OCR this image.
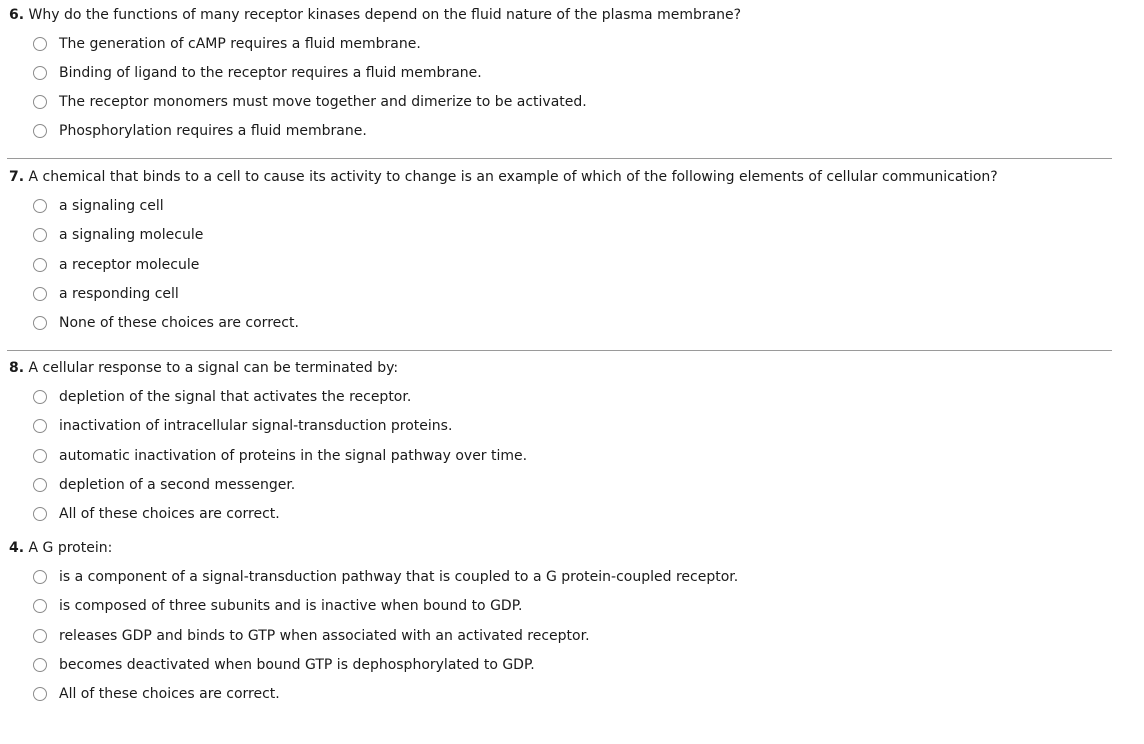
6. Why do the functions of many receptor kinases depend on the fluid nature of the plasma membrane?
The generation of cAMP requires a fluid membrane.
Binding of ligand to the receptor requires a fluid membrane.
The receptor monomers must move together and dimerize to be activated.
Phosphorylation requires a fluid membrane.
7. A chemical that binds to a cell to cause its activity to change is an example of which of the following elements of cellular communication?
a signaling cell
a signaling molecule
a receptor molecule
a responding cell
None of these choices are correct.
8. A cellular response to a signal can be terminated by:
depletion of the signal that activates the receptor.
inactivation of intracellular signal-transduction proteins.
automatic inactivation of proteins in the signal pathway over time.
depletion of a second messenger.
All of these choices are correct.
4. A G protein:
is a component of a signal-transduction pathway that is coupled to a G protein-coupled receptor.
is composed of three subunits and is inactive when bound to GDP.
releases GDP and binds to GTP when associated with an activated receptor.
becomes deactivated when bound GTP is dephosphorylated to GDP.
All of these choices are correct.
